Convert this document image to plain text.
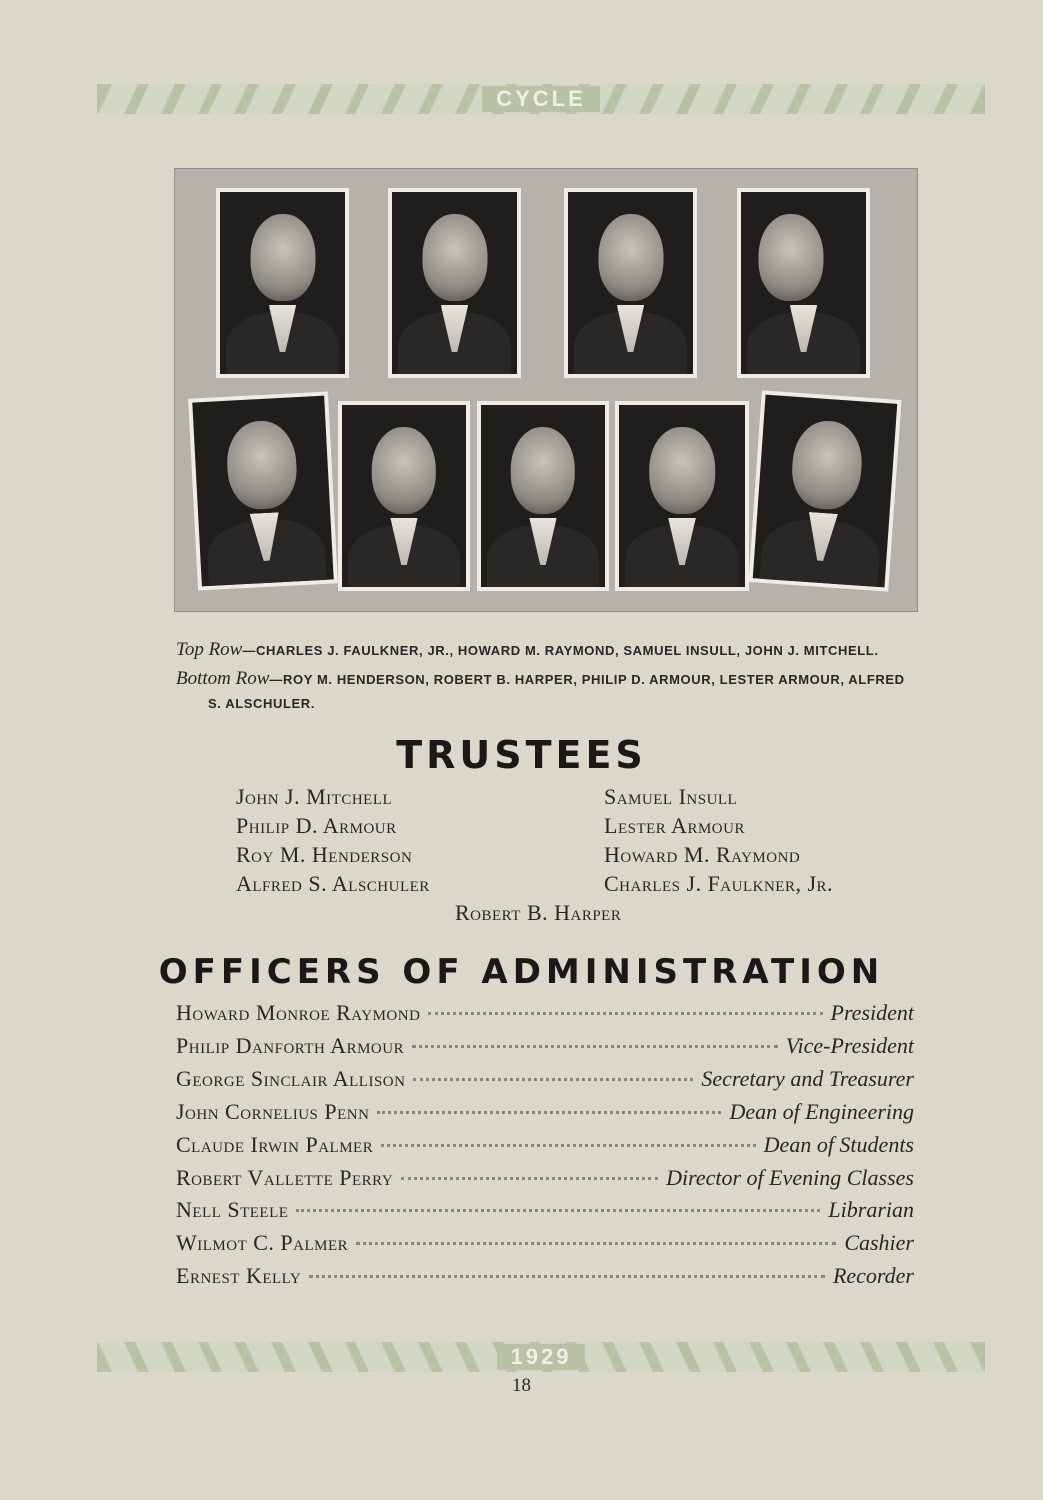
CYCLE
Top Row—CHARLES J. FAULKNER, JR., HOWARD M. RAYMOND, SAMUEL INSULL, JOHN J. MITCHELL.
Bottom Row—ROY M. HENDERSON, ROBERT B. HARPER, PHILIP D. ARMOUR, LESTER ARMOUR, ALFRED
S. ALSCHULER.
TRUSTEES
John J. Mitchell
Philip D. Armour
Roy M. Henderson
Alfred S. Alschuler
Samuel Insull
Lester Armour
Howard M. Raymond
Charles J. Faulkner, Jr.
Robert B. Harper
OFFICERS OF ADMINISTRATION
Howard Monroe Raymond	President
Philip Danforth Armour	Vice-President
George Sinclair Allison	Secretary and Treasurer
John Cornelius Penn	Dean of Engineering
Claude Irwin Palmer	Dean of Students
Robert Vallette Perry	Director of Evening Classes
Nell Steele	Librarian
Wilmot C. Palmer	Cashier
Ernest Kelly	Recorder
1929
18
